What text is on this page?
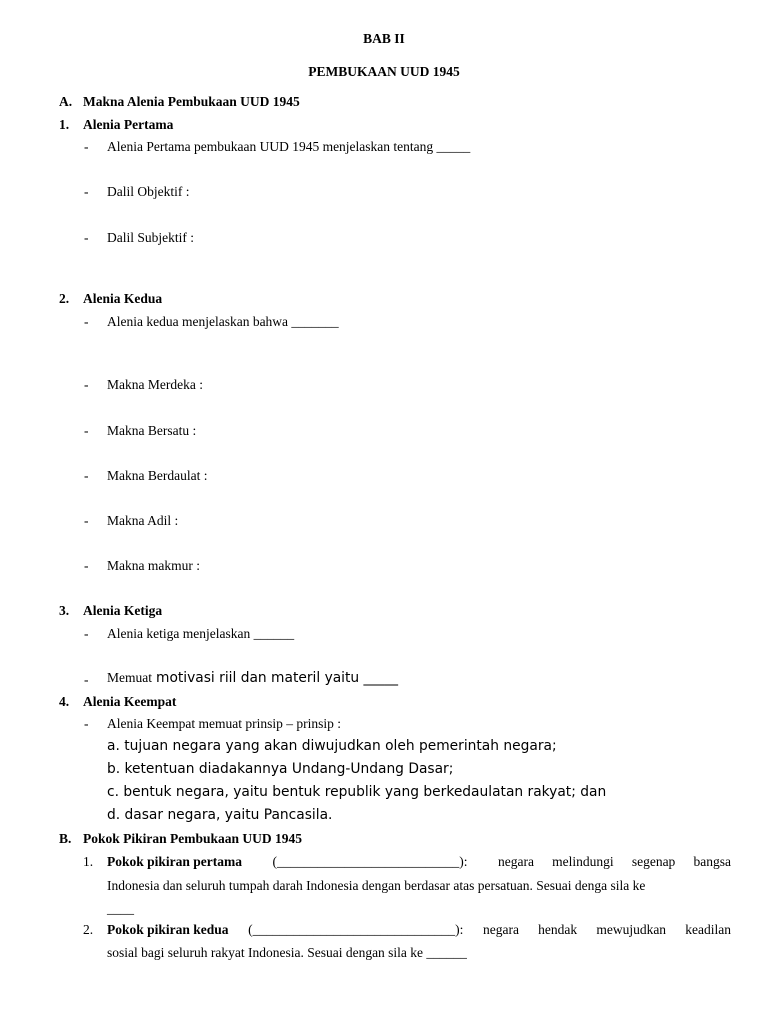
BAB II
PEMBUKAAN UUD 1945
A. Makna Alenia Pembukaan UUD 1945
1. Alenia Pertama
- Alenia Pertama pembukaan UUD 1945 menjelaskan tentang _____
- Dalil Objektif :
- Dalil Subjektif :
2. Alenia Kedua
- Alenia kedua menjelaskan bahwa _______
- Makna Merdeka :
- Makna Bersatu :
- Makna Berdaulat :
- Makna Adil :
- Makna makmur :
3. Alenia Ketiga
- Alenia ketiga menjelaskan ______
- Memuat motivasi riil dan materil yaitu _____
4. Alenia Keempat
- Alenia Keempat memuat prinsip – prinsip :
a. tujuan negara yang akan diwujudkan oleh pemerintah negara;
b. ketentuan diadakannya Undang-Undang Dasar;
c. bentuk negara, yaitu bentuk republik yang berkedaulatan rakyat; dan
d. dasar negara, yaitu Pancasila.
B. Pokok Pikiran Pembukaan UUD 1945
1. Pokok pikiran pertama (___________________________): negara melindungi segenap bangsa
Indonesia dan seluruh tumpah darah Indonesia dengan berdasar atas persatuan. Sesuai denga sila ke
____
2. Pokok pikiran kedua (______________________________): negara hendak mewujudkan keadilan
sosial bagi seluruh rakyat Indonesia. Sesuai dengan sila ke ______
